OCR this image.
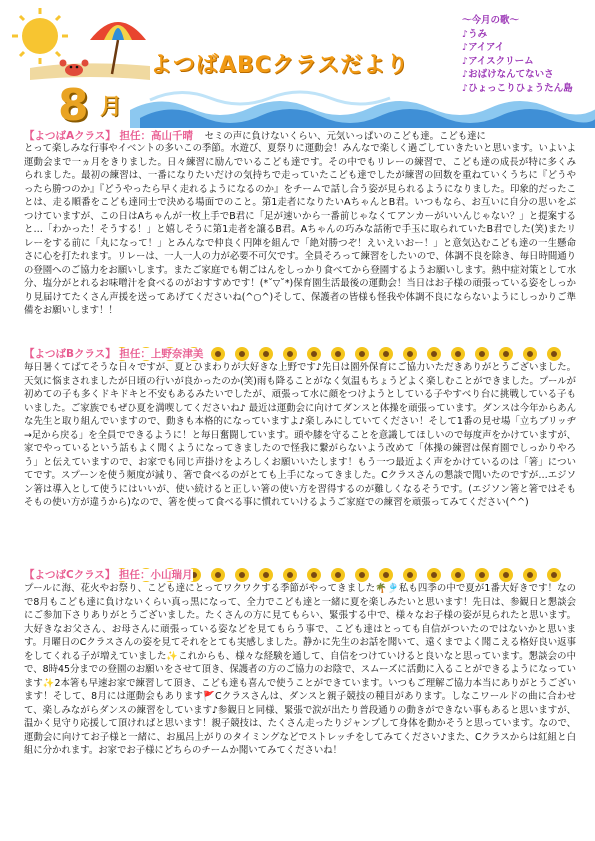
よつばABCクラスだより
8 月
～今月の歌～
♪うみ
♪アイアイ
♪アイスクリーム
♪おばけなんてないさ
♪ひょっこりひょうたん島
【よつばAクラス】 担任：高山千晴 セミの声に負けないくらい、元気いっぱいのこども達。こども達に
とって楽しみな行事やイベントの多いこの季節。水遊び、夏祭りに運動会！みんなで楽しく過ごしていきたいと思います。いよいよ運動会まで一ヵ月をきりました。日々練習に励んでいるこども達です。その中でもリレーの練習で、こども達の成長が特に多くみられました。最初の練習は、一番になりたいだけの気持ちで走っていたこども達でしたが練習の回数を重ねていくうちに『どうやったら勝つのか』『どうやったら早く走れるようになるのか』をチームで話し合う姿が見られるようになりました。印象的だったことは、走る順番をこども達同士で決める場面でのこと。第1走者になりたいAちゃんとB君。いつもなら、お互いに自分の思いをぶつけていますが、この日はAちゃんが一枚上手でB君に「足が速いから一番前じゃなくてアンカーがいいんじゃない？」と提案すると…「わかった！そうする！」と嬉しそうに第1走者を譲るB君。Aちゃんの巧みな話術で手玉に取られていたB君でした(笑)またリレーをする前に「丸になって！」とみんなで仲良く円陣を組んで「絶対勝つぞ！えいえいおー！」と意気込むこども達の一生懸命さに心を打たれます。リレーは、一人一人の力が必要不可欠です。全員そろって練習をしたいので、体調不良を除き、毎日時間通りの登園へのご協力をお願いします。またご家庭でも朝ごはんをしっかり食べてから登園するようお願いします。熱中症対策として水分、塩分がとれるお味噌汁を食べるのがおすすめです！(*˘▽˘*)保育園生活最後の運動会！当日はお子様の頑張っている姿をしっかり見届けてたくさん声援を送ってあげてくださいね(^○^)そして、保護者の皆様も怪我や体調不良にならないようにしっかりご準備をお願いします！！
【よつばBクラス】 担任：上野奈津美
毎日暑くてばてそうな日々ですが、夏とひまわりが大好きな上野です♪先日は園外保育にご協力いただきありがとうございました。天気に悩まされましたが日頃の行いが良かったのか(笑)雨も降ることがなく気温もちょうどよく楽しむことができました。プールが初めての子も多くドキドキと不安もあるみたいでしたが、頑張って水に顔をつけようとしている子やすべり台に挑戦している子もいました。ご家族でもぜひ夏を満喫してくださいね♪ 最近は運動会に向けてダンスと体操を頑張っています。ダンスは今年からあんな先生と取り組んでいますので、動きも本格的になっていますよ♪楽しみにしていてください！そして1番の見せ場「立ちブリッヂ→足から戻る」を全員でできるように！と毎日奮闘しています。頭や膝を守ることを意識してほしいので毎度声をかけていますが、家でやっているという話もよく聞くようになってきましたので怪我に繋がらないよう改めて「体操の練習は保育園でしっかりやろう」と伝えていますので、お家でも同じ声掛けをよろしくお願いいたします！もう一つ最近よく声をかけているのは「箸」についてです。スプーンを使う頻度が減り、箸で食べるのがとても上手になってきました。Cクラスさんの懇談で聞いたのですが…エジソン箸は導入として使うにはいいが、使い続けると正しい箸の使い方を習得するのが難しくなるそうです。(エジソン箸と箸ではそもそもの使い方が違うから)なので、箸を使って食べる事に慣れていけるようご家庭での練習を頑張ってみてください(^^)
【よつばCクラス】 担任：小山瑞月
プールに海、花火やお祭り、こども達にとってワクワクする季節がやってきました🌴🎐私も四季の中で夏が1番大好きです！なので8月もこども達に負けないくらい真っ黒になって、全力でこども達と一緒に夏を楽しみたいと思います！先日は、参観日と懇談会にご参加下さりありがとうございました。たくさんの方に見てもらい、緊張する中で、様々なお子様の姿が見られたと思います。大好きなお父さん、お母さんに頑張っている姿などを見てもらう事で、こども達はとっても自信がついたのではないかと思います。月曜日のCクラスさんの姿を見てそれをとても実感しました。静かに先生のお話を聞いて、遠くまでよく聞こえる格好良い返事をしてくれる子が増えていました✨これからも、様々な経験を通して、自信をつけていけると良いなと思っています。懇談会の中で、8時45分までの登園のお願いをさせて頂き、保護者の方のご協力のお陰で、スムーズに活動に入ることができるようになっています✨2本箸も早速お家で練習して頂き、こども達も喜んで使うことができています。いつもご理解ご協力本当にありがとうございます！そして、8月には運動会もあります🚩Cクラスさんは、ダンスと親子競技の種目があります。しなこワールドの曲に合わせて、楽しみながらダンスの練習をしています♪参観日と同様、緊張で涙が出たり普段通りの動きができない事もあると思いますが、温かく見守り応援して頂ければと思います！親子競技は、たくさん走ったりジャンプして身体を動かそうと思っています。なので、運動会に向けてお子様と一緒に、お風呂上がりのタイミングなどでストレッチをしてみてください♪また、Cクラスからは紅組と白組に分かれます。お家でお子様にどちらのチームか聞いてみてくださいね！
